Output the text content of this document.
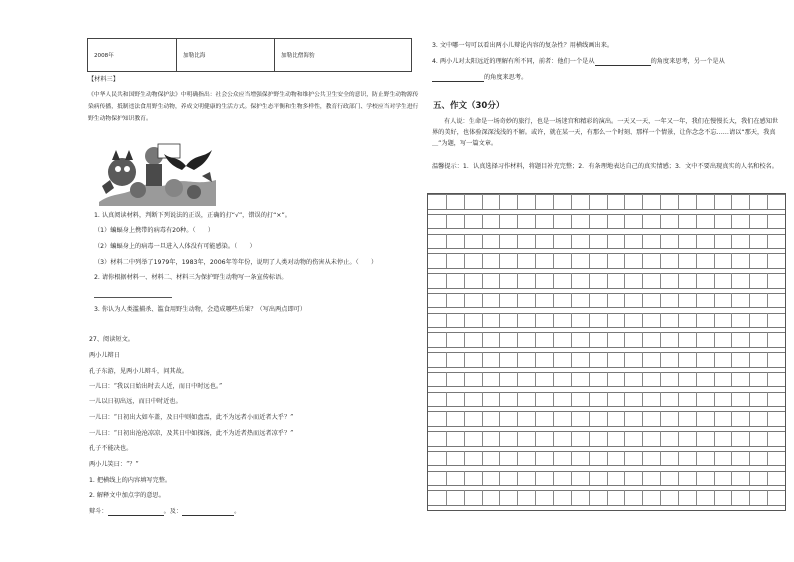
2008年	加勒比海	加勒比僧海豹
【材料三】
《中华人民共和国野生动物保护法》中明确指出：社会公众应当增强保护野生动物和维护公共卫生安全的意识，防止野生动物源传染病传播，抵制违法食用野生动物，养成文明健康的生活方式。保护生态平衡和生物多样性，教育行政部门、学校应当对学生进行野生动物保护知识教育。
1. 认真阅读材料，判断下列说法的正误，正确的打“√”，错误的打“×”。
（1）蝙蝠身上携带的病毒有20种。（　　）
（2）蝙蝠身上的病毒一旦进入人体没有可能感染。（　　）
（3）材料二中列举了1979年，1983年，2006年等年份，说明了人类对动物的伤害从未停止。（　　）
2. 请你根据材料一、材料二、材料三为保护野生动物写一条宣传标语。
3. 你认为人类滥捕杀、滥食用野生动物，会造成哪些后果？（写出两点即可）
27、阅读短文。
两小儿辩日
孔子东游，见两小儿辩斗，问其故。
一儿曰：“我以日始出时去人近，而日中时远也。”
一儿以日初出远，而日中时近也。
一儿曰：“日初出大如车盖，及日中则如盘盂，此不为远者小而近者大乎？”
一儿曰：“日初出沧沧凉凉，及其日中如探汤，此不为近者热而远者凉乎？”
孔子不能决也。
两小儿笑曰：“？”
1. 把横线上的内容填写完整。
2. 解释文中加点字的意思。
辩斗：	。及：	。
3. 文中哪一句可以看出两小儿辩论内容的复杂性？用横线画出来。
4. 两小儿对太阳远近的理解有所不同，前者：他们一个是从	的角度来思考，另一个是从
的角度来思考。
五、作文（30分）
有人说：生命是一场奇妙的旅行，也是一场迷宫和精彩的演出。一天又一天，一年又一年，我们在慢慢长大，我们在感知世界的美好，也体验深深浅浅的不解。或许，就在某一天，有那么一个时刻、那样一个情景，让你念念不忘……请以“那天，我真＿”为题，写一篇文章。
温馨提示：1．认真选择习作材料，将题目补充完整；2．有条理地表达自己的真实情感；3．文中不要出现真实的人名和校名。
